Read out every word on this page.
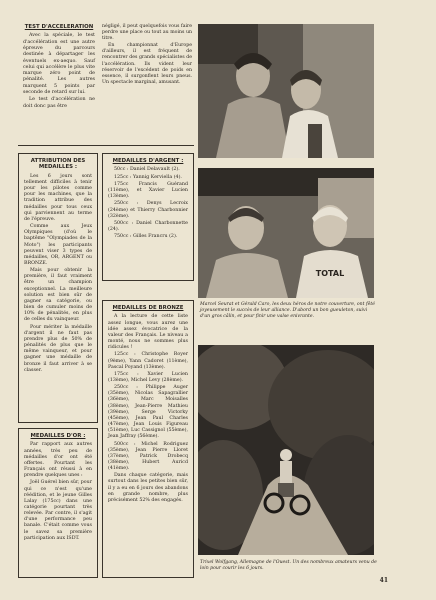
TEST D'ACCELERATION

Avec la spéciale, le test d'accélération est une autre épreuve du parcours destinée à départager les éventuels ex-aequo. Sauf celui qui accélère le plus vite marque zéro point de pénalité. Les autres marquent 5 points par seconde de retard sur lui.

Le test d'accélération ne doit donc pas être

négligé, il peut quelquefois vous faire perdre une place ou tout au moins un titre.

En championnat d'Europe d'ailleurs, il est fréquent de rencontrer des grands spécialistes de l'accélération. Ils vident leur réservoir de l'excédent de poids en essence, il surgonflent leurs pneus. Un spectacle marginal, amusant.

ATTRIBUTION DES MEDAILLES :

Les 6 jours sont tellement difficiles à tenir pour les pilotes comme pour les machines, que la tradition attribue des médailles pour tous ceux qui parviennent au terme de l'épreuve.

Comme aux Jeux Olympiques (d'où le baptême "Olympiades de la Moto") les participants peuvent viser 3 types de médailles, OR, ARGENT ou BRONZE.

Mais pour obtenir la première, il faut vraiment être un champion exceptionnel. La meilleure solution est bien sûr de gagner sa catégorie, ou bien de cumuler moins de 10% de pénalités, en plus de celles du vainqueur.

Pour mériter la médaille d'argent il ne faut pas prendre plus de 50% de pénalités de plus que le même vainqueur, et pour gagner une médaille de bronze il faut arriver à se classer.

MEDAILLES D'OR :

Par rapport aux autres années, très peu de médailles d'or ont été offertes. Pourtant les Français ont réussi à en prendre quelques unes :

Joël Guérel bien sûr, pour qui ce n'est qu'une réédition, et le jeune Gilles Lalay (175cc) dans une catégorie pourtant très relevée. Par contre, il s'agit d'une performance peu banale. C'était comme vous le savez sa première participation aux ISDT.

MEDAILLES D'ARGENT :

50cc : Daniel Delavault (2).

125cc : Yannig Kerviella (4).

175cc Francis Guérand (11ème), et Xavier Lucien (13ème).

250cc : Denys Lecroix (24ème) et Thierry Charbonnier (32ème).

500cc : Daniel Charbonnette (24).

750cc : Gilles Francru (2).

MEDAILLES DE BRONZE

A la lecture de cette liste assez longue, vous aurez une idée assez évocatrice de la valeur des Français. Le niveau a monté, nous ne sommes plus ridicules !

125cc : Christophe Royer (9ème), Yann Cadoret (11ème), Pascal Poyand (13ème).

175cc : Xavier Lucien (13ème), Michel Levy (28ème).

250cc : Philippe Auger (35ème), Nicolas Sapagrallier (36ème), Marc Moisalles (38ème), Jean-Pierre Mathieu (39ème), Serge Victorky (45ème), Jean Paul Charles (47ème), Jean Louis Figureau (51ème), Luc Cassignol (55ème), Jean Jaffray (56ème).

500cc : Michel Rodriguez (35ème), Jean Pierre Lloret (37ème), Patrick Drobecq (38ème), Hubert Auricd (41ème).

Dans chaque catégorie, mais surtout dans les petites bien sûr, il y a eu en 6 jours des abandons en grande nombre, plus précisément 52% des engagés.

TOTAL
Marcel Seurat et Gérald Caro, les deux héros de notre couverture, ont fêté joyeusement le succès de leur alliance. D'abord un bon gueuleton, suivi d'un gros câlin, et pour finir une valse enivrante.
Trixel Wolfgang, Allemagne de l'Ouest. Un des nombreux amateurs venu de loin pour courir les 6 jours.
41
